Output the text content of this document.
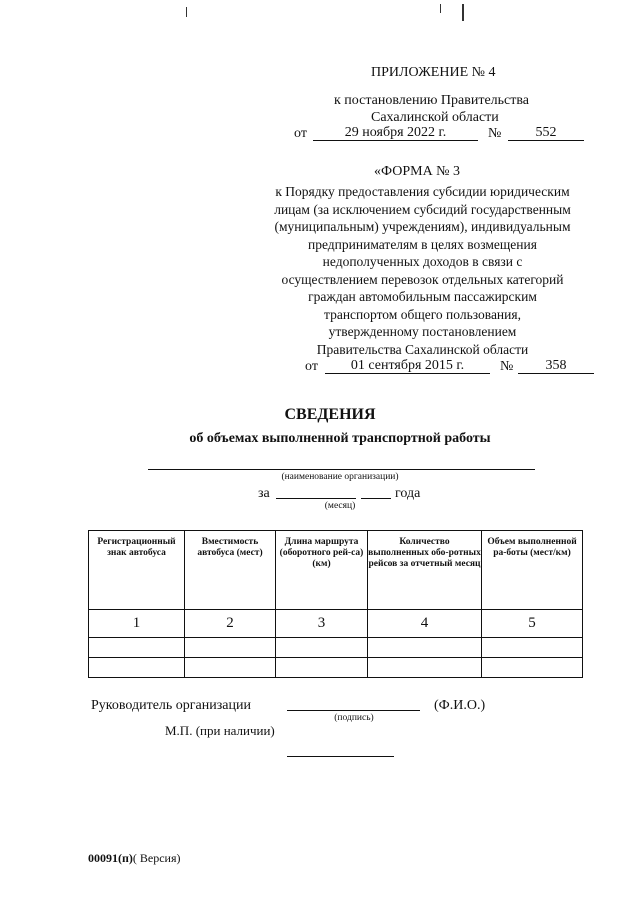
ПРИЛОЖЕНИЕ № 4
к постановлению Правительства
Сахалинской области
от	29 ноября 2022 г.	№	552
«ФОРМА № 3
к Порядку предоставления субсидии юридическим
лицам (за исключением субсидий государственным
(муниципальным) учреждениям), индивидуальным
предпринимателям в целях возмещения
недополученных доходов в связи с
осуществлением перевозок отдельных категорий
граждан автомобильным пассажирским
транспортом общего пользования,
утвержденному постановлением
Правительства Сахалинской области
от	01 сентября 2015 г.	№	358
СВЕДЕНИЯ
об объемах выполненной транспортной работы
(наименование организации)
за	года
(месяц)
Регистрационный знак автобуса	Вместимость автобуса (мест)	Длина маршрута (оборотного рей-са) (км)	Количество выполненных обо-ротных рейсов за отчетный месяц	Объем выполненной ра-боты (мест/км)
1	2	3	4	5

Руководитель организации
(подпись)
(Ф.И.О.)
М.П. (при наличии)
00091(п)( Версия)
